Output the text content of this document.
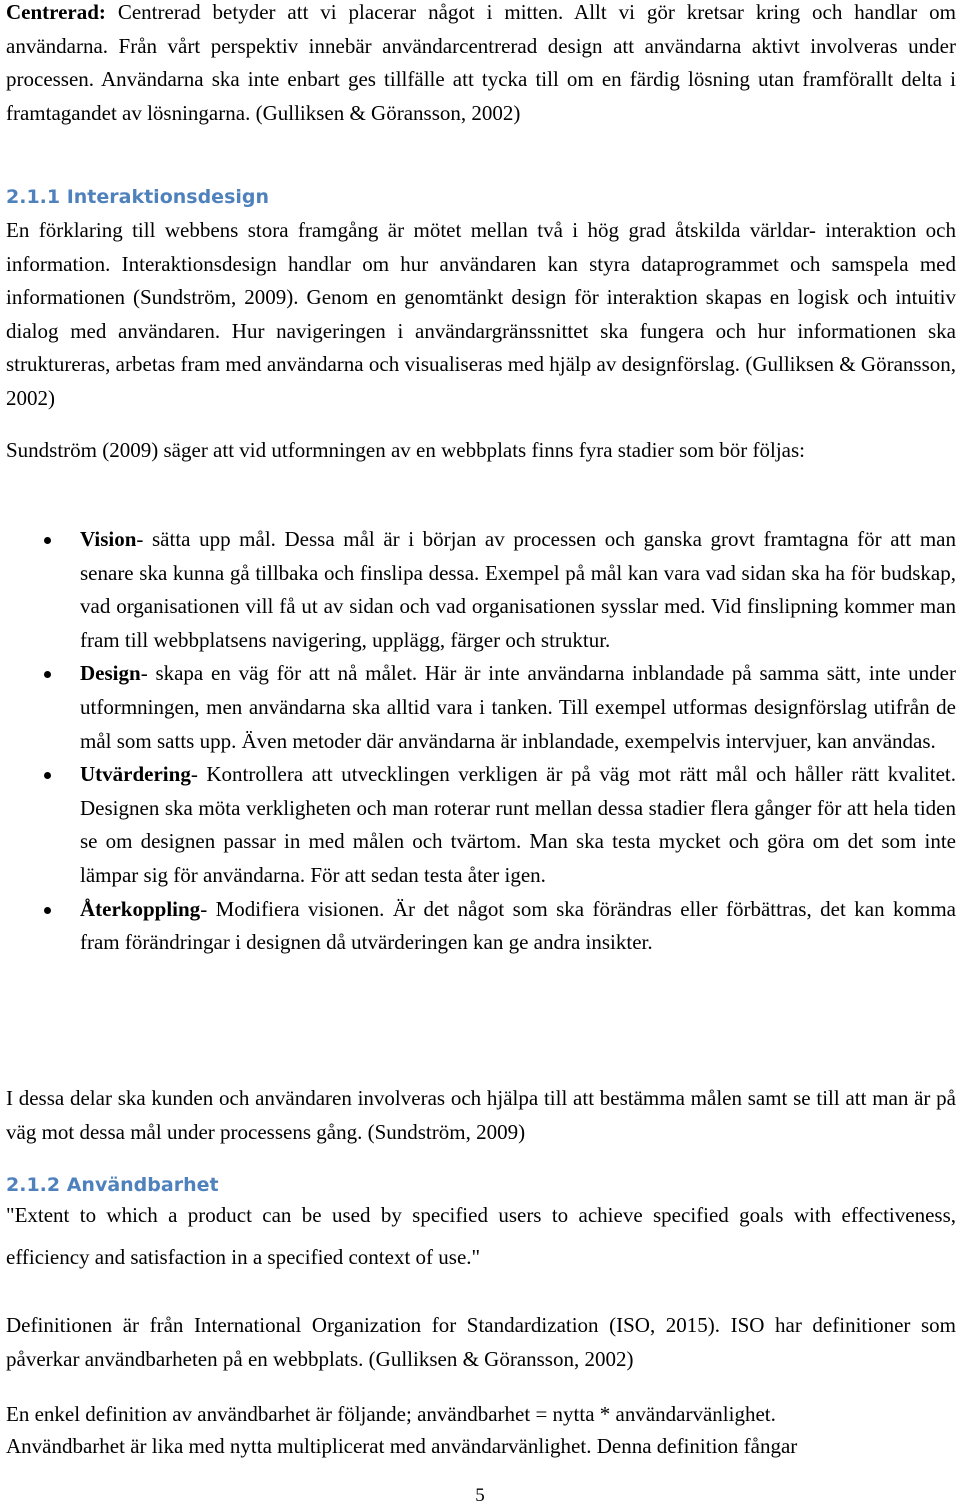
Centrerad: Centrerad betyder att vi placerar något i mitten. Allt vi gör kretsar kring och handlar om användarna. Från vårt perspektiv innebär användarcentrerad design att användarna aktivt involveras under processen. Användarna ska inte enbart ges tillfälle att tycka till om en färdig lösning utan framförallt delta i framtagandet av lösningarna. (Gulliksen & Göransson, 2002)

2.1.1 Interaktionsdesign

En förklaring till webbens stora framgång är mötet mellan två i hög grad åtskilda världar- interaktion och information. Interaktionsdesign handlar om hur användaren kan styra dataprogrammet och samspela med informationen (Sundström, 2009). Genom en genomtänkt design för interaktion skapas en logisk och intuitiv dialog med användaren. Hur navigeringen i användargränssnittet ska fungera och hur informationen ska struktureras, arbetas fram med användarna och visualiseras med hjälp av designförslag. (Gulliksen & Göransson, 2002)

Sundström (2009) säger att vid utformningen av en webbplats finns fyra stadier som bör följas:

Vision- sätta upp mål. Dessa mål är i början av processen och ganska grovt framtagna för att man senare ska kunna gå tillbaka och finslipa dessa. Exempel på mål kan vara vad sidan ska ha för budskap, vad organisationen vill få ut av sidan och vad organisationen sysslar med. Vid finslipning kommer man fram till webbplatsens navigering, upplägg, färger och struktur.
Design- skapa en väg för att nå målet. Här är inte användarna inblandade på samma sätt, inte under utformningen, men användarna ska alltid vara i tanken. Till exempel utformas designförslag utifrån de mål som satts upp. Även metoder där användarna är inblandade, exempelvis intervjuer, kan användas.
Utvärdering- Kontrollera att utvecklingen verkligen är på väg mot rätt mål och håller rätt kvalitet. Designen ska möta verkligheten och man roterar runt mellan dessa stadier flera gånger för att hela tiden se om designen passar in med målen och tvärtom. Man ska testa mycket och göra om det som inte lämpar sig för användarna. För att sedan testa åter igen.
Återkoppling- Modifiera visionen. Är det något som ska förändras eller förbättras, det kan komma fram förändringar i designen då utvärderingen kan ge andra insikter.

I dessa delar ska kunden och användaren involveras och hjälpa till att bestämma målen samt se till att man är på väg mot dessa mål under processens gång. (Sundström, 2009)

2.1.2 Användbarhet

"Extent to which a product can be used by specified users to achieve specified goals with effectiveness, efficiency and satisfaction in a specified context of use."

Definitionen är från International Organization for Standardization (ISO, 2015). ISO har definitioner som påverkar användbarheten på en webbplats. (Gulliksen & Göransson, 2002)

En enkel definition av användbarhet är följande; användbarhet = nytta * användarvänlighet.

Användbarhet är lika med nytta multiplicerat med användarvänlighet. Denna definition fångar

5
